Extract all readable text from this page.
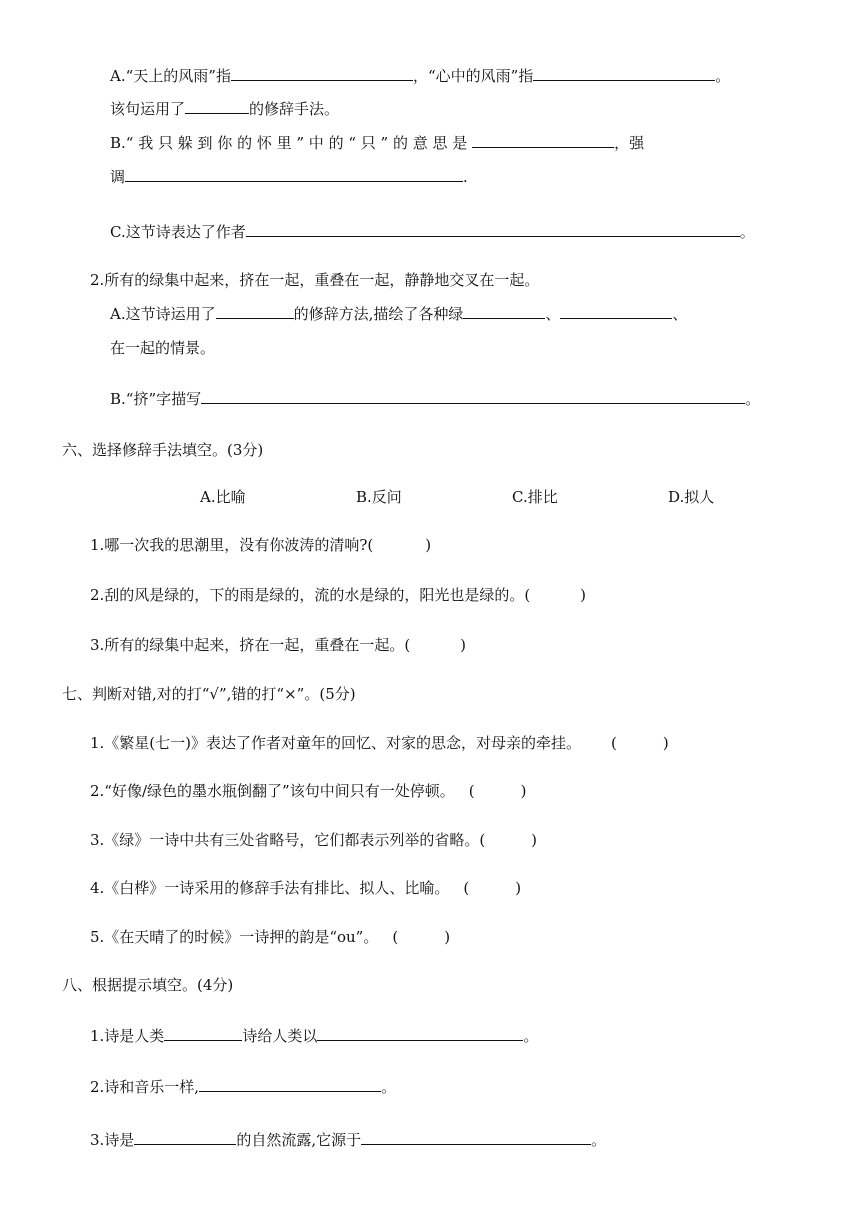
A.“天上的风雨”指	，“心中的风雨”指	。
该句运用了	的修辞手法。
B.“ 我 只 躲 到 你 的 怀 里 ” 中 的 “ 只 ” 的 意 思 是	，强
调	.
C.这节诗表达了作者	。
2.所有的绿集中起来，挤在一起，重叠在一起，静静地交叉在一起。
A.这节诗运用了	的修辞方法,描绘了各种绿	、	、
在一起的情景。
B.“挤”字描写	。
六、选择修辞手法填空。(3分)
A.比喻	B.反问	C.排比	D.拟人
1.哪一次我的思潮里，没有你波涛的清响?(	)
2.刮的风是绿的，下的雨是绿的，流的水是绿的，阳光也是绿的。(	)
3.所有的绿集中起来，挤在一起，重叠在一起。(	)
七、判断对错,对的打“√”,错的打“×”。(5分)
1.《繁星(七一)》表达了作者对童年的回忆、对家的思念，对母亲的牵挂。 (	)
2.“好像/绿色的墨水瓶倒翻了”该句中间只有一处停顿。 (	)
3.《绿》一诗中共有三处省略号，它们都表示列举的省略。(	)
4.《白桦》一诗采用的修辞手法有排比、拟人、比喻。 (	)
5.《在天晴了的时候》一诗押的韵是“ou”。 (	)
八、根据提示填空。(4分)
1.诗是人类	诗给人类以	。
2.诗和音乐一样,	。
3.诗是	的自然流露,它源于	。
